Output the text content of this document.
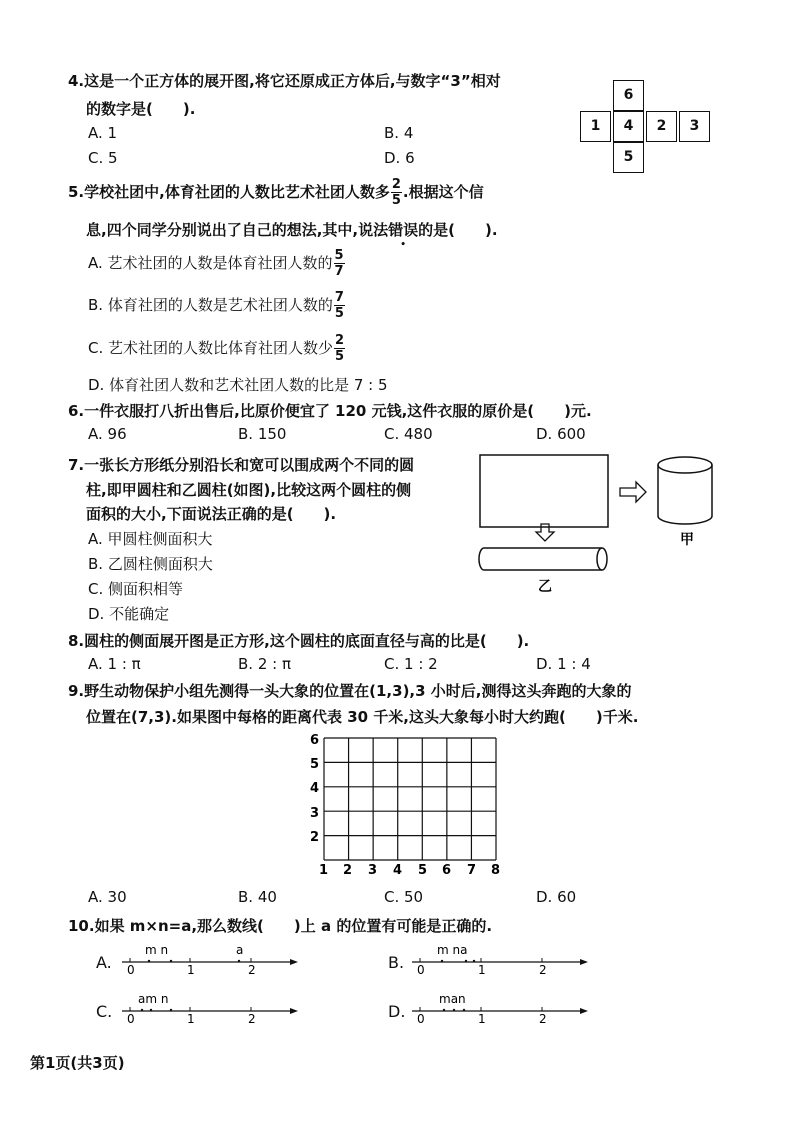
4.这是一个正方体的展开图,将它还原成正方体后,与数字“3”相对
的数字是(　　).
A. 1	B. 4
C. 5	D. 6
6
1	4	2	3
5
5.学校社团中,体育社团的人数比艺术社团人数多 $\frac{2}{5}$ .根据这个信
息,四个同学分别说出了自己的想法,其中,说法错误的是(　　).
A. 艺术社团的人数是体育社团人数的 $\frac{5}{7}$
B. 体育社团的人数是艺术社团人数的 $\frac{7}{5}$
C. 艺术社团的人数比体育社团人数少 $\frac{2}{5}$
D. 体育社团人数和艺术社团人数的比是 7 : 5
6.一件衣服打八折出售后,比原价便宜了 120 元钱,这件衣服的原价是(　　)元.
A. 96	B. 150	C. 480	D. 600
7.一张长方形纸分别沿长和宽可以围成两个不同的圆
柱,即甲圆柱和乙圆柱(如图),比较这两个圆柱的侧
面积的大小,下面说法正确的是(　　).
A. 甲圆柱侧面积大
B. 乙圆柱侧面积大
C. 侧面积相等
D. 不能确定
甲
乙
8.圆柱的侧面展开图是正方形,这个圆柱的底面直径与高的比是(　　).
A. 1 : π	B. 2 : π	C. 1 : 2	D. 1 : 4
9.野生动物保护小组先测得一头大象的位置在(1,3),3 小时后,测得这头奔跑的大象的
位置在(7,3).如果图中每格的距离代表 30 千米,这头大象每小时大约跑(　　)千米.
6
5
4
3
2
1 2 3 4 5 6 7 8
A. 30	B. 40	C. 50	D. 60
10.如果 m×n=a,那么数线(　　)上 a 的位置有可能是正确的.
A.
m n	a
0	1	2	B.
m na
0	1	2
C.
am n
0	1	2	D.
man
0	1	2
第1页(共3页)
